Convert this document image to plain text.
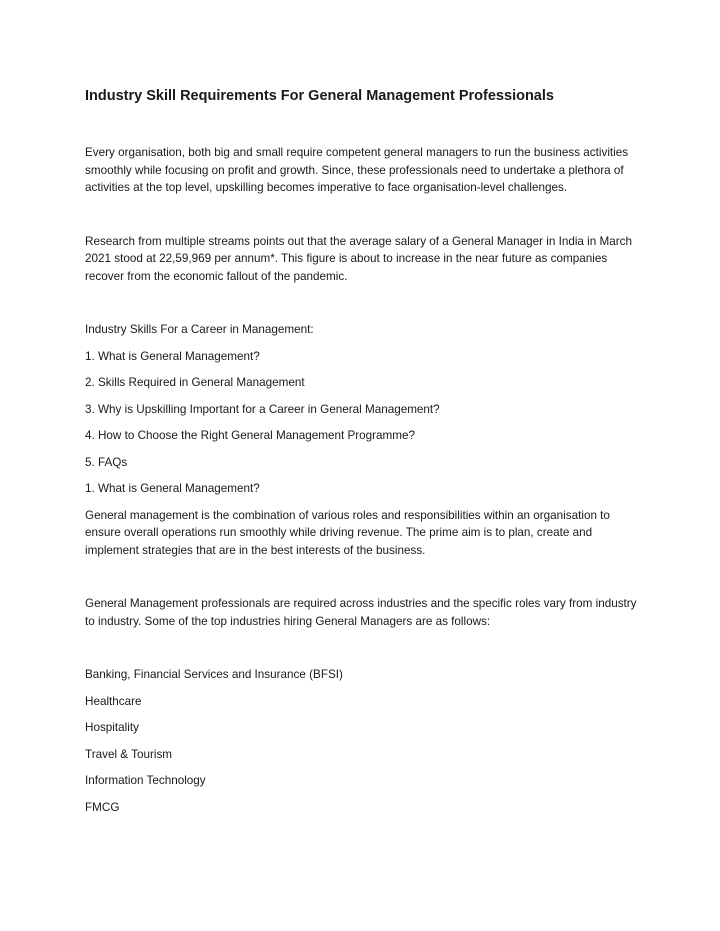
Industry Skill Requirements For General Management Professionals

Every organisation, both big and small require competent general managers to run the business activities smoothly while focusing on profit and growth. Since, these professionals need to undertake a plethora of activities at the top level, upskilling becomes imperative to face organisation-level challenges.

Research from multiple streams points out that the average salary of a General Manager in India in March 2021 stood at 22,59,969 per annum*. This figure is about to increase in the near future as companies recover from the economic fallout of the pandemic.

Industry Skills For a Career in Management:

1. What is General Management?

2. Skills Required in General Management

3. Why is Upskilling Important for a Career in General Management?

4. How to Choose the Right General Management Programme?

5. FAQs

1. What is General Management?

General management is the combination of various roles and responsibilities within an organisation to ensure overall operations run smoothly while driving revenue. The prime aim is to plan, create and implement strategies that are in the best interests of the business.

General Management professionals are required across industries and the specific roles vary from industry to industry. Some of the top industries hiring General Managers are as follows:

Banking, Financial Services and Insurance (BFSI)

Healthcare

Hospitality

Travel & Tourism

Information Technology

FMCG
